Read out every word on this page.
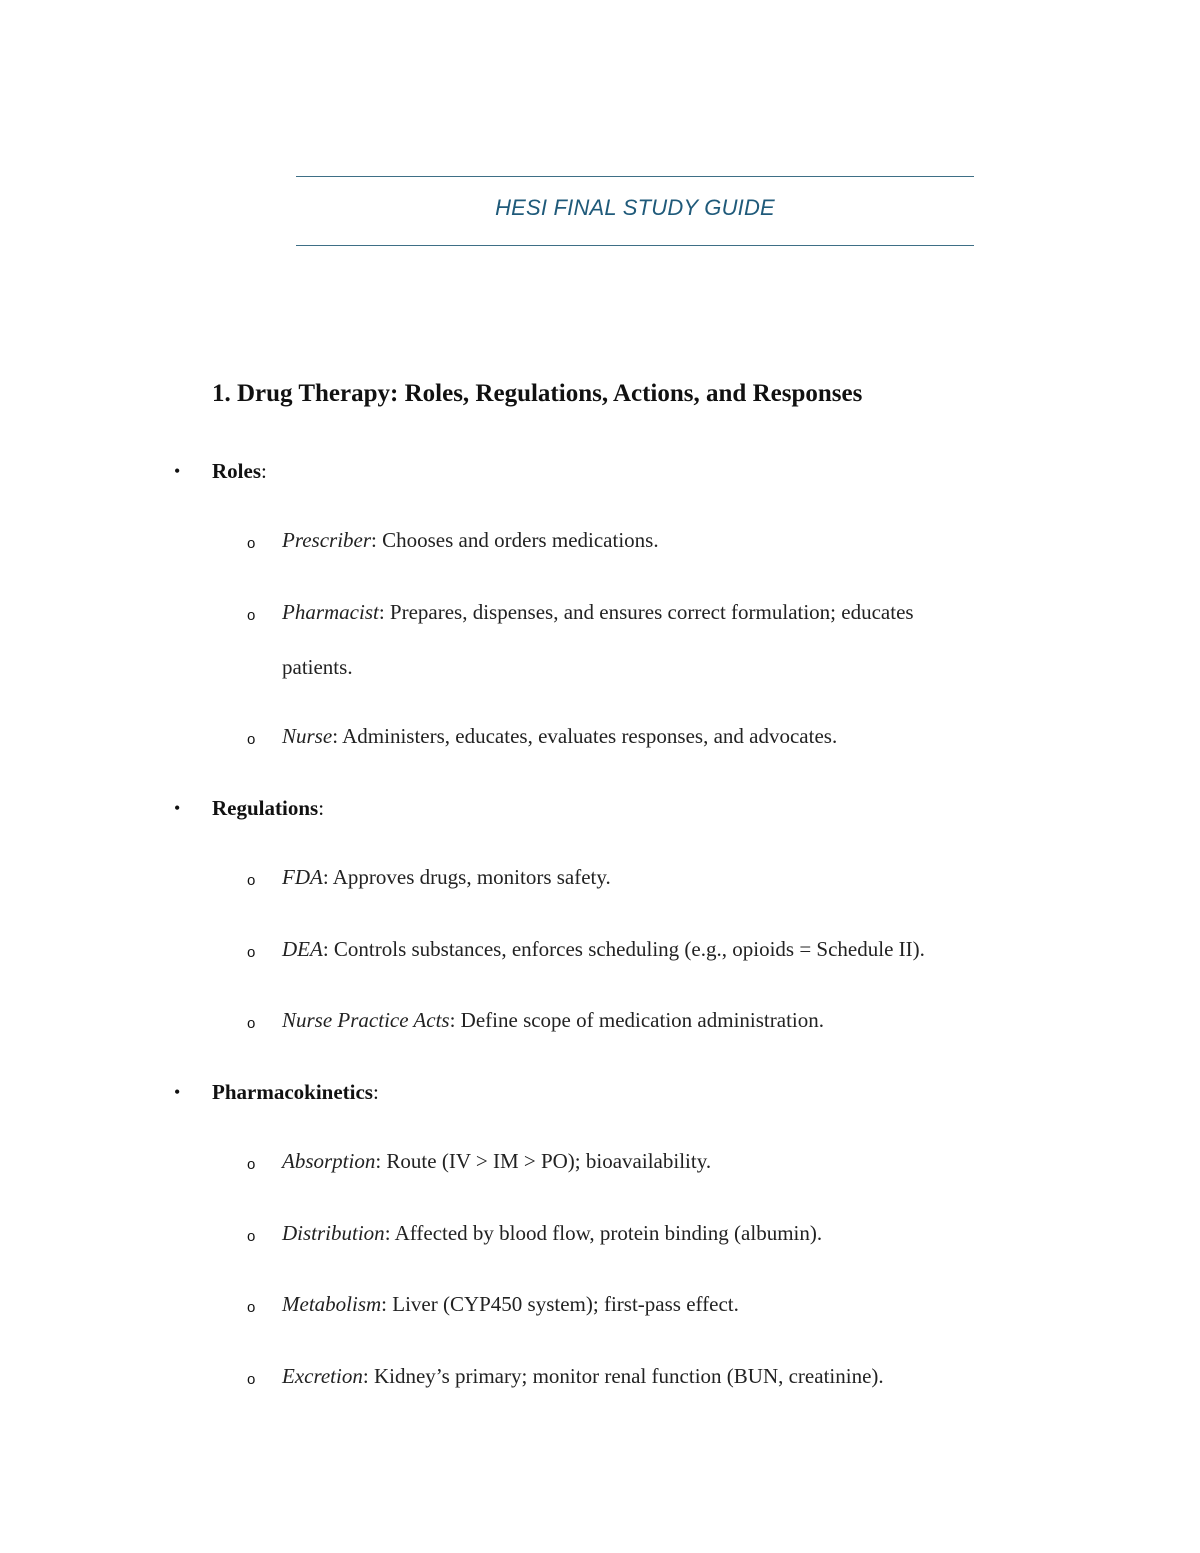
HESI FINAL STUDY GUIDE
1. Drug Therapy: Roles, Regulations, Actions, and Responses
•	Roles:
o Prescriber: Chooses and orders medications.
o Pharmacist: Prepares, dispenses, and ensures correct formulation; educates
patients.
o Nurse: Administers, educates, evaluates responses, and advocates.
•	Regulations:
o FDA: Approves drugs, monitors safety.
o DEA: Controls substances, enforces scheduling (e.g., opioids = Schedule II).
o Nurse Practice Acts: Define scope of medication administration.
•	Pharmacokinetics:
o Absorption: Route (IV > IM > PO); bioavailability.
o Distribution: Affected by blood flow, protein binding (albumin).
o Metabolism: Liver (CYP450 system); first-pass effect.
o Excretion: Kidney’s primary; monitor renal function (BUN, creatinine).
